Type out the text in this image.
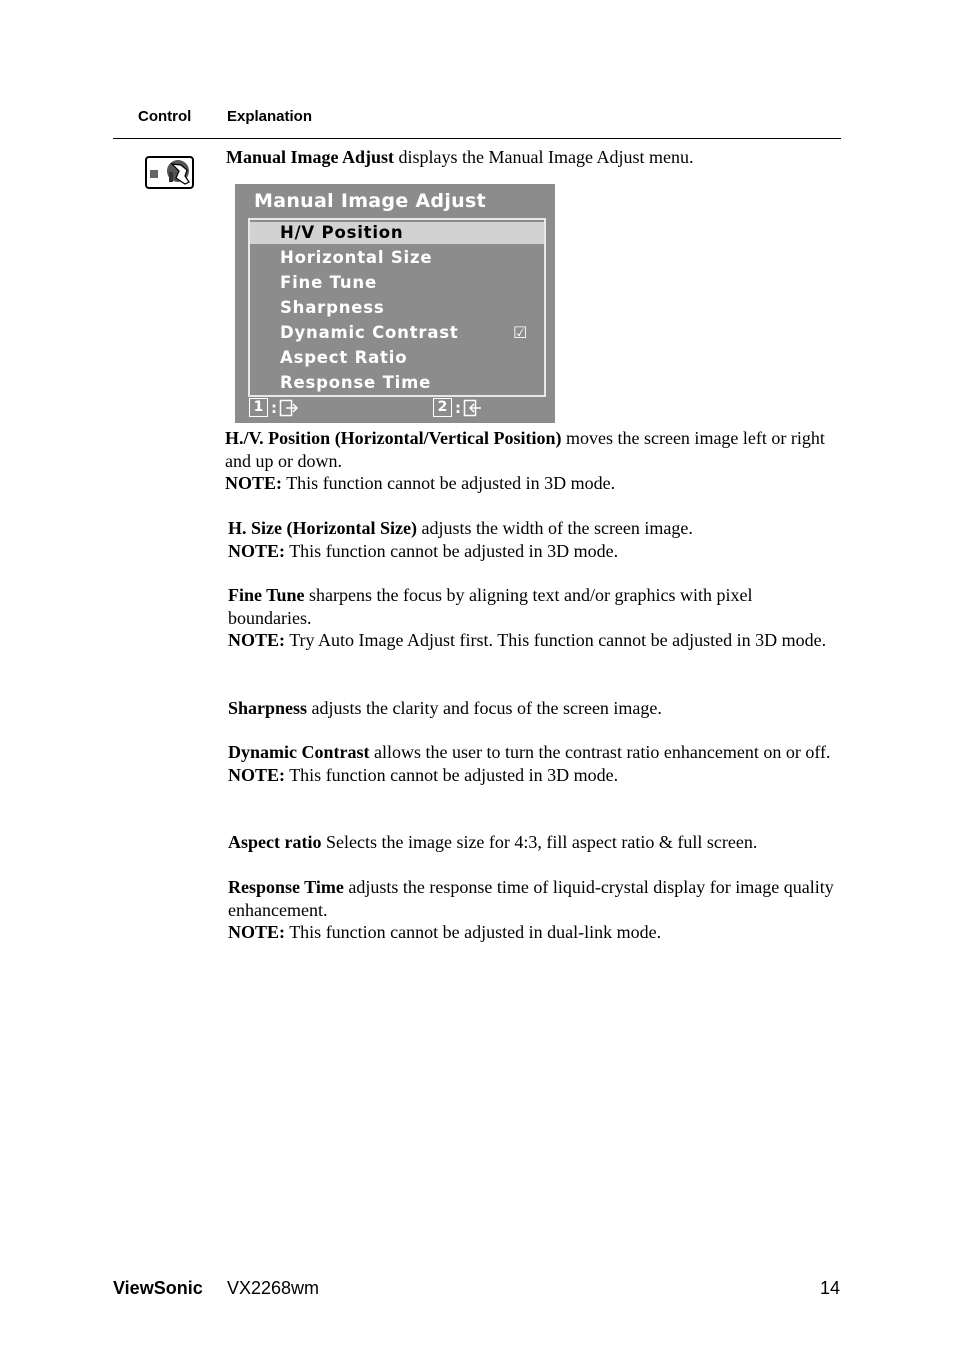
Control Explanation
Manual Image Adjust displays the Manual Image Adjust menu.
Manual Image Adjust
H/V Position
Horizontal Size
Fine Tune
Sharpness
Dynamic Contrast	☑
Aspect Ratio
Response Time
1 :	2 :

H./V. Position (Horizontal/Vertical Position) moves the screen image left or right and up or down.

NOTE: This function cannot be adjusted in 3D mode.

H. Size (Horizontal Size) adjusts the width of the screen image.

NOTE: This function cannot be adjusted in 3D mode.

Fine Tune sharpens the focus by aligning text and/or graphics with pixel boundaries.

NOTE: Try Auto Image Adjust first. This function cannot be adjusted in 3D mode.

Sharpness adjusts the clarity and focus of the screen image.

Dynamic Contrast allows the user to turn the contrast ratio enhancement on or off.

NOTE: This function cannot be adjusted in 3D mode.

Aspect ratio Selects the image size for 4:3, fill aspect ratio & full screen.

Response Time adjusts the response time of liquid-crystal display for image quality enhancement.

NOTE: This function cannot be adjusted in dual-link mode.

ViewSonic VX2268wm	14
